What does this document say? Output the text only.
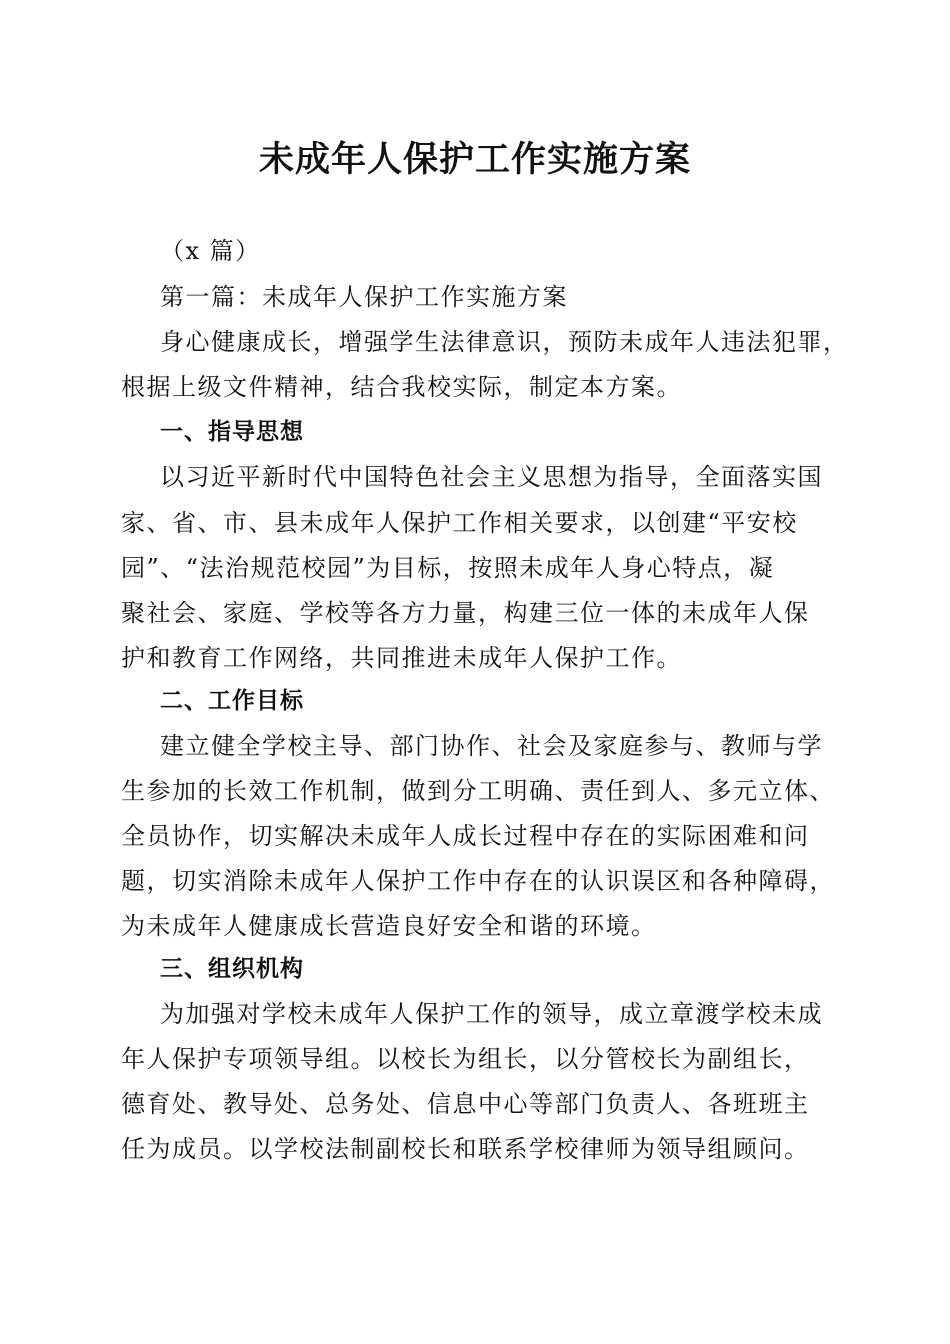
未成年人保护工作实施方案

（x 篇）

第一篇：未成年人保护工作实施方案

身心健康成长，增强学生法律意识，预防未成年人违法犯罪，

根据上级文件精神，结合我校实际，制定本方案。

一、指导思想

以习近平新时代中国特色社会主义思想为指导，全面落实国

家、省、市、县未成年人保护工作相关要求，以创建“平安校

园”、“法治规范校园”为目标，按照未成年人身心特点，凝

聚社会、家庭、学校等各方力量，构建三位一体的未成年人保

护和教育工作网络，共同推进未成年人保护工作。

二、工作目标

建立健全学校主导、部门协作、社会及家庭参与、教师与学

生参加的长效工作机制，做到分工明确、责任到人、多元立体、

全员协作，切实解决未成年人成长过程中存在的实际困难和问

题，切实消除未成年人保护工作中存在的认识误区和各种障碍，

为未成年人健康成长营造良好安全和谐的环境。

三、组织机构

为加强对学校未成年人保护工作的领导，成立章渡学校未成

年人保护专项领导组。以校长为组长，以分管校长为副组长，

德育处、教导处、总务处、信息中心等部门负责人、各班班主

任为成员。以学校法制副校长和联系学校律师为领导组顾问。
